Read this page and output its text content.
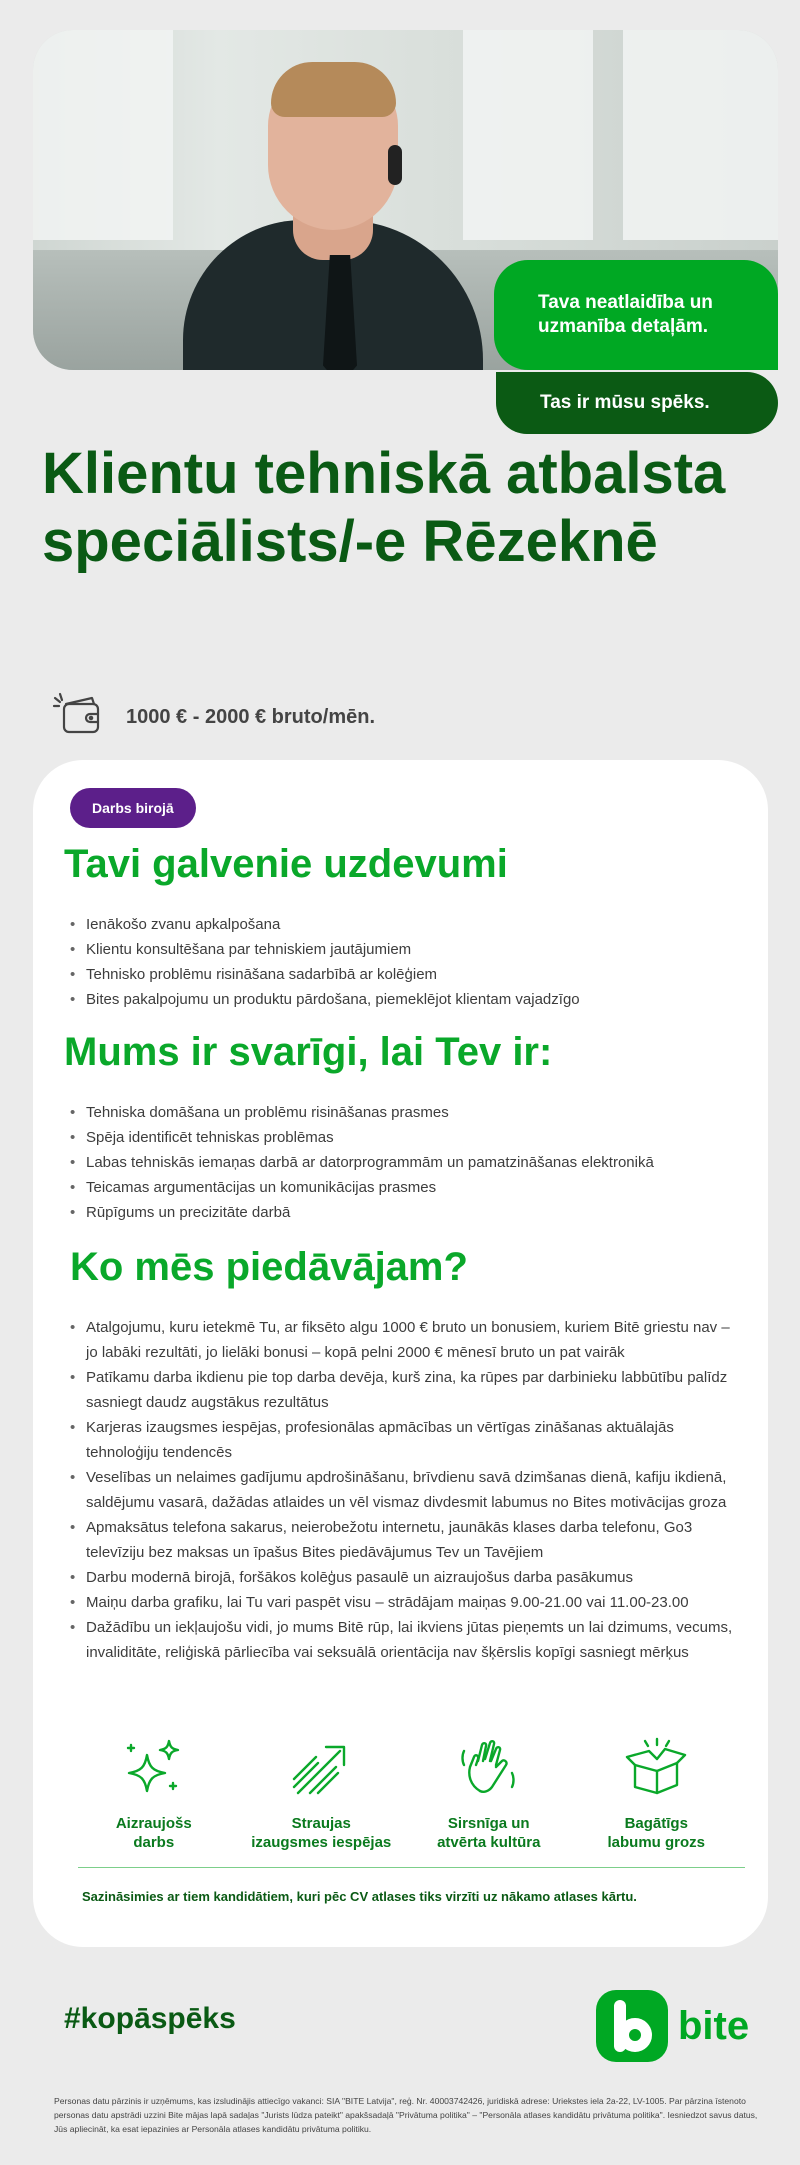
Tava neatlaidība un uzmanība detaļām.
Tas ir mūsu spēks.
Klientu tehniskā atbalsta speciālists/-e Rēzeknē
1000 € - 2000 € bruto/mēn.
Darbs birojā
Tavi galvenie uzdevumi
• Ienākošo zvanu apkalpošana
• Klientu konsultēšana par tehniskiem jautājumiem
• Tehnisko problēmu risināšana sadarbībā ar kolēģiem
• Bites pakalpojumu un produktu pārdošana, piemeklējot klientam vajadzīgo
Mums ir svarīgi, lai Tev ir:
• Tehniska domāšana un problēmu risināšanas prasmes
• Spēja identificēt tehniskas problēmas
• Labas tehniskās iemaņas darbā ar datorprogrammām un pamatzināšanas elektronikā
• Teicamas argumentācijas un komunikācijas prasmes
• Rūpīgums un precizitāte darbā
Ko mēs piedāvājam?
• Atalgojumu, kuru ietekmē Tu, ar fiksēto algu 1000 € bruto un bonusiem, kuriem Bitē griestu nav – jo labāki rezultāti, jo lielāki bonusi – kopā pelni 2000 € mēnesī bruto un pat vairāk
• Patīkamu darba ikdienu pie top darba devēja, kurš zina, ka rūpes par darbinieku labbūtību palīdz sasniegt daudz augstākus rezultātus
• Karjeras izaugsmes iespējas, profesionālas apmācības un vērtīgas zināšanas aktuālajās tehnoloģiju tendencēs
• Veselības un nelaimes gadījumu apdrošināšanu, brīvdienu savā dzimšanas dienā, kafiju ikdienā, saldējumu vasarā, dažādas atlaides un vēl vismaz divdesmit labumus no Bites motivācijas groza
• Apmaksātus telefona sakarus, neierobežotu internetu, jaunākās klases darba telefonu, Go3 televīziju bez maksas un īpašus Bites piedāvājumus Tev un Tavējiem
• Darbu modernā birojā, foršākos kolēģus pasaulē un aizraujošus darba pasākumus
• Maiņu darba grafiku, lai Tu vari paspēt visu – strādājam maiņas 9.00-21.00 vai 11.00-23.00
• Dažādību un iekļaujošu vidi, jo mums Bitē rūp, lai ikviens jūtas pieņemts un lai dzimums, vecums, invaliditāte, reliģiskā pārliecība vai seksuālā orientācija nav šķērslis kopīgi sasniegt mērķus
Aizraujošs
darbs
Straujas
izaugsmes iespējas
Sirsnīga un
atvērta kultūra
Bagātīgs
labumu grozs
Sazināsimies ar tiem kandidātiem, kuri pēc CV atlases tiks virzīti uz nākamo atlases kārtu.
#kopāspēks	bite
Personas datu pārzinis ir uzņēmums, kas izsludinājis attiecīgo vakanci: SIA "BITE Latvija", reģ. Nr. 40003742426, juridiskā adrese: Uriekstes iela 2a-22, LV-1005. Par pārzina īstenoto personas datu apstrādi uzzini Bite mājas lapā sadaļas "Jurists lūdza pateikt" apakšsadaļā "Privātuma politika" – "Personāla atlases kandidātu privātuma politika". Iesniedzot savus datus, Jūs apliecināt, ka esat iepazinies ar Personāla atlases kandidātu privātuma politiku.
